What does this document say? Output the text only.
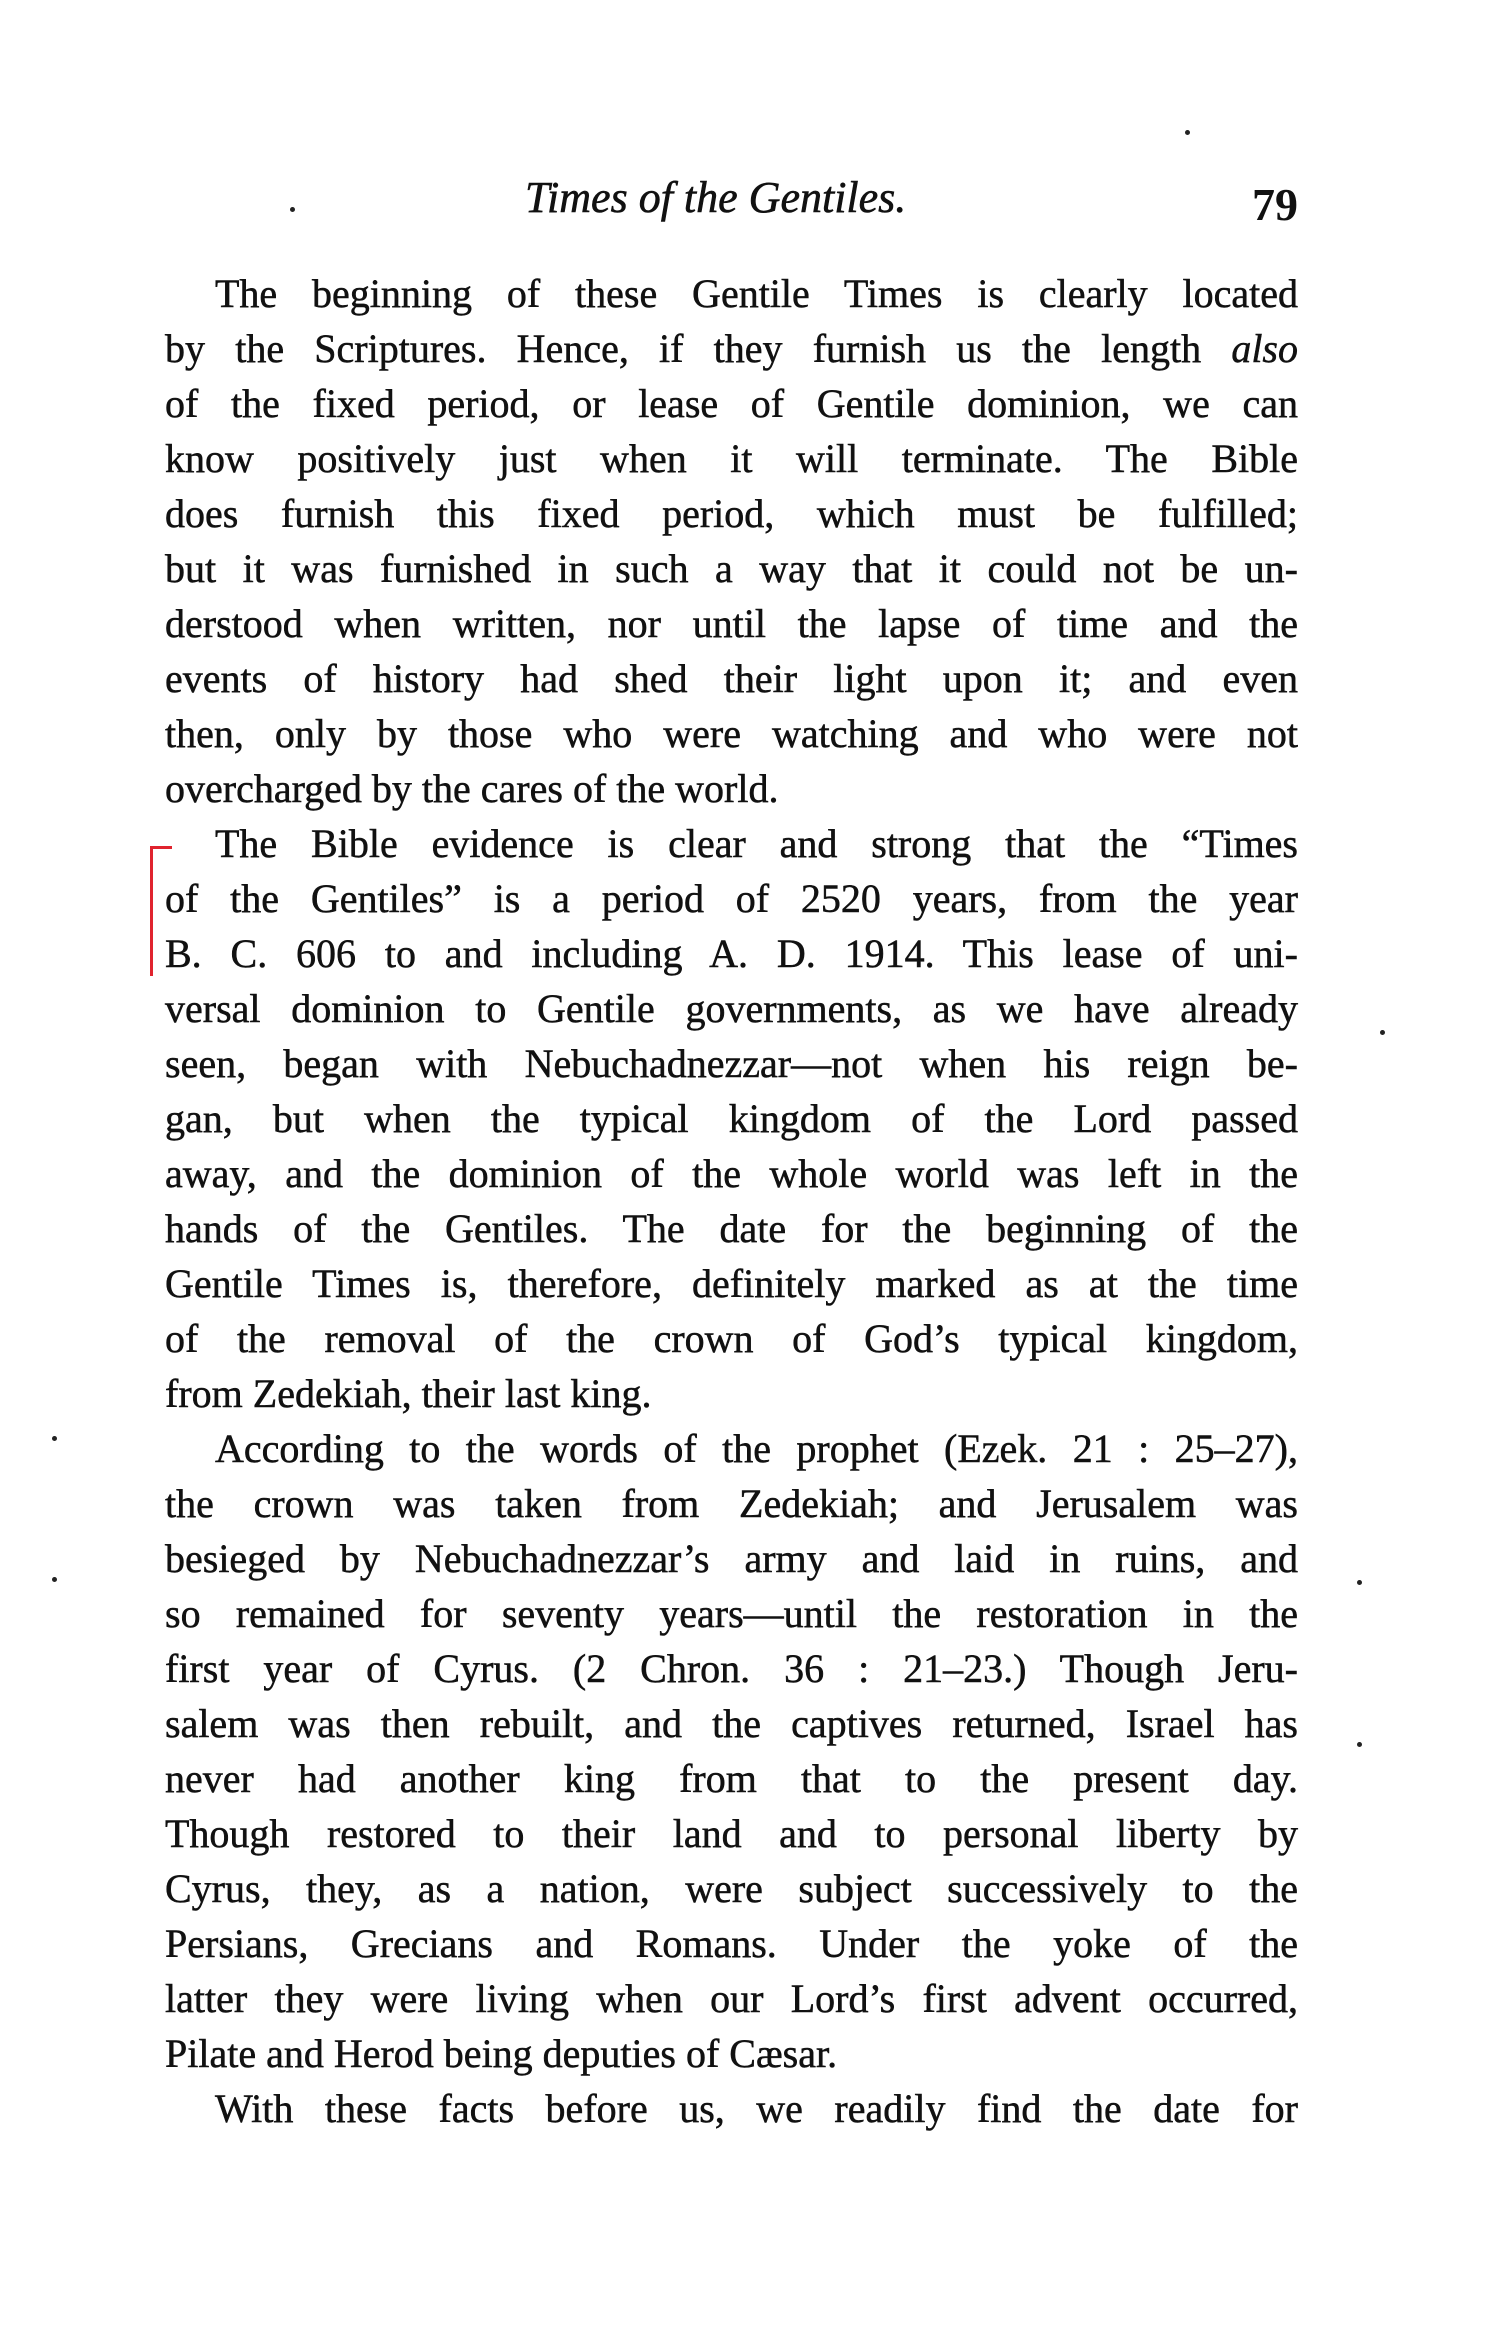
Times of the Gentiles.	79
The beginning of these Gentile Times is clearly located
by the Scriptures. Hence, if they furnish us the length also
of the fixed period, or lease of Gentile dominion, we can
know positively just when it will terminate. The Bible
does furnish this fixed period, which must be fulfilled;
but it was furnished in such a way that it could not be un-
derstood when written, nor until the lapse of time and the
events of history had shed their light upon it; and even
then, only by those who were watching and who were not
overcharged by the cares of the world.
The Bible evidence is clear and strong that the “Times
of the Gentiles” is a period of 2520 years, from the year
B. C. 606 to and including A. D. 1914. This lease of uni-
versal dominion to Gentile governments, as we have already
seen, began with Nebuchadnezzar—not when his reign be-
gan, but when the typical kingdom of the Lord passed
away, and the dominion of the whole world was left in the
hands of the Gentiles. The date for the beginning of the
Gentile Times is, therefore, definitely marked as at the time
of the removal of the crown of God’s typical kingdom,
from Zedekiah, their last king.
According to the words of the prophet (Ezek. 21 : 25–27),
the crown was taken from Zedekiah; and Jerusalem was
besieged by Nebuchadnezzar’s army and laid in ruins, and
so remained for seventy years—until the restoration in the
first year of Cyrus. (2 Chron. 36 : 21–23.) Though Jeru-
salem was then rebuilt, and the captives returned, Israel has
never had another king from that to the present day.
Though restored to their land and to personal liberty by
Cyrus, they, as a nation, were subject successively to the
Persians, Grecians and Romans. Under the yoke of the
latter they were living when our Lord’s first advent occurred,
Pilate and Herod being deputies of Cæsar.
With these facts before us, we readily find the date for
